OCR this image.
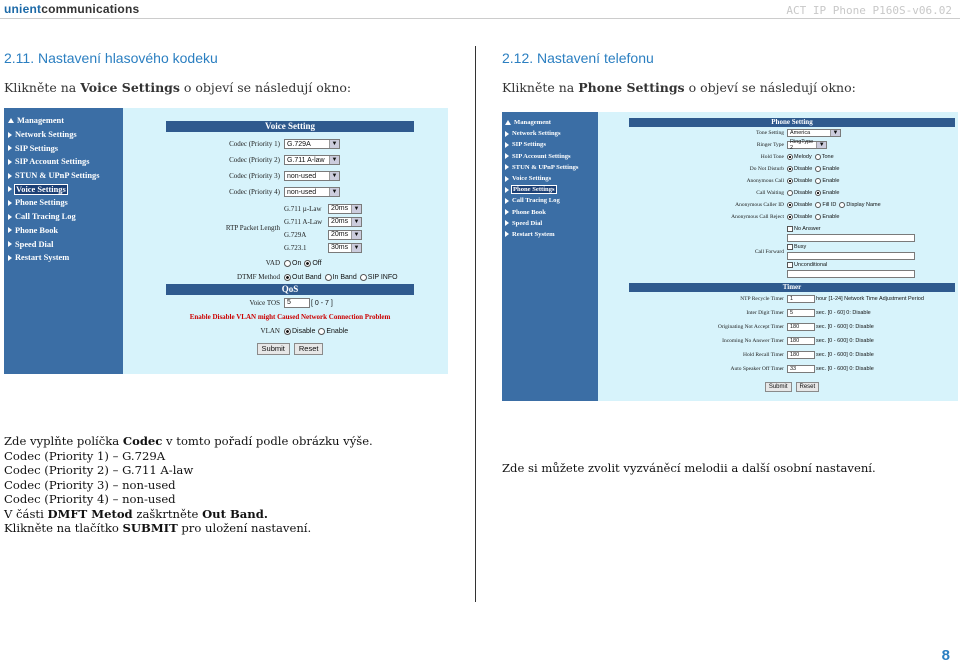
unientcommunications	ACT IP Phone P160S-v06.02
2.11. Nastavení hlasového kodeku
Klikněte na Voice Settings o objeví se následují okno:
2.12. Nastavení telefonu
Klikněte na Phone Settings o objeví se následují okno:
Management
Network Settings
SIP Settings
SIP Account Settings
STUN & UPnP Settings
Voice Settings
Phone Settings
Call Tracing Log
Phone Book
Speed Dial
Restart System
Voice Setting
Codec (Priority 1)	G.729A	▼
Codec (Priority 2)	G.711 A-law	▼
Codec (Priority 3)	non-used	▼
Codec (Priority 4)	non-used	▼
RTP Packet Length
G.711 µ-Law	20ms ▼
G.711 A-Law	20ms ▼
G.729A	20ms ▼
G.723.1	30ms ▼
VAD	On Off
DTMF Method	Out Band In Band SIP INFO
QoS
Voice TOS	5	[ 0 - 7 ]
Enable Disable VLAN might Caused Network Connection Problem
VLAN	Disable Enable
Submit	Reset
Management
Network Settings
SIP Settings
SIP Account Settings
STUN & UPnP Settings
Voice Settings
Phone Settings
Call Tracing Log
Phone Book
Speed Dial
Restart System
Phone Setting
Tone Setting	America	▼
Ringer Type	RingType 2	▼
Hold Tone	Melody Tone
Do Not Disturb	Disable Enable
Anonymous Call	Disable Enable
Call Waiting	Disable Enable
Anonymous Caller ID	Disable Fill ID Display Name
Anonymous Call Reject	Disable Enable
Call Forward
No Answer
Busy
Unconditional
Timer
NTP Recycle Timer	1	hour [1-24] Network Time Adjustment Period
Inter Digit Timer	5	sec. [0 - 60] 0: Disable
Originating Not Accept Timer	180	sec. [0 - 600] 0: Disable
Incoming No Answer Timer	180	sec. [0 - 600] 0: Disable
Hold Recall Timer	180	sec. [0 - 600] 0: Disable
Auto Speaker Off Timer	33	sec. [0 - 600] 0: Disable
Submit	Reset
Zde vyplňte políčka Codec v tomto pořadí podle obrázku výše.
Codec (Priority 1) – G.729A
Codec (Priority 2) – G.711 A-law
Codec (Priority 3) – non-used
Codec (Priority 4) – non-used
V části DMFT Metod zaškrtněte Out Band.
Klikněte na tlačítko SUBMIT pro uložení nastavení.
Zde si můžete zvolit vyzváněcí melodii a další osobní nastavení.
8
